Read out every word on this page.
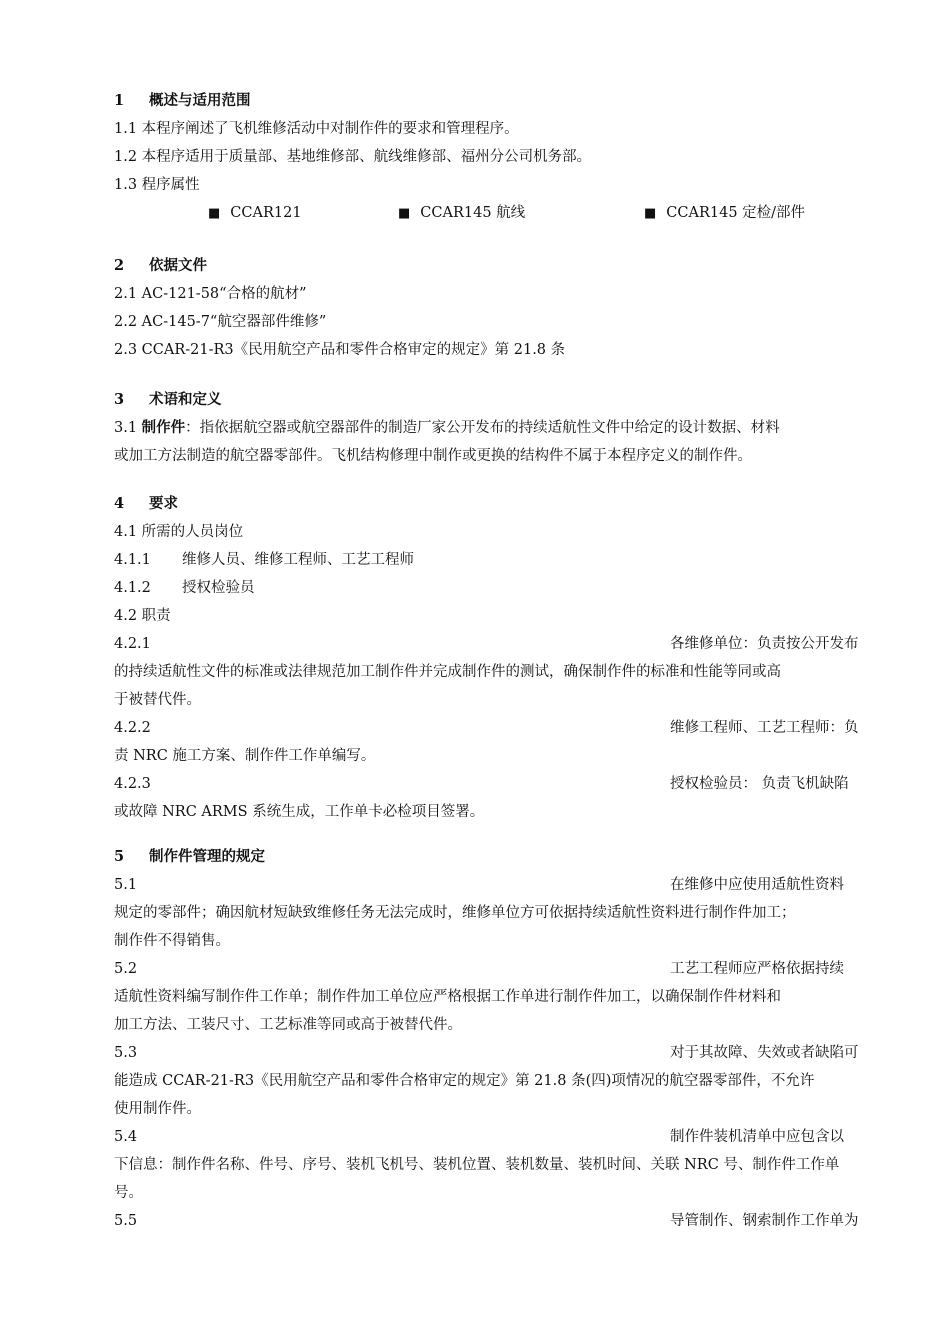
1 概述与适用范围
1.1 本程序阐述了飞机维修活动中对制作件的要求和管理程序。
1.2 本程序适用于质量部、基地维修部、航线维修部、福州分公司机务部。
1.3 程序属性
■ CCAR121	■ CCAR145 航线	■ CCAR145 定检/部件
2 依据文件
2.1 AC-121-58“合格的航材”
2.2 AC-145-7“航空器部件维修”
2.3 CCAR-21-R3《民用航空产品和零件合格审定的规定》第 21.8 条
3 术语和定义
3.1 制作件：指依据航空器或航空器部件的制造厂家公开发布的持续适航性文件中给定的设计数据、材料
或加工方法制造的航空器零部件。飞机结构修理中制作或更换的结构件不属于本程序定义的制作件。
4 要求
4.1 所需的人员岗位
4.1.1 维修人员、维修工程师、工艺工程师
4.1.2 授权检验员
4.2 职责
4.2.1	各维修单位：负责按公开发布
的持续适航性文件的标准或法律规范加工制作件并完成制作件的测试，确保制作件的标准和性能等同或高
于被替代件。
4.2.2	维修工程师、工艺工程师：负
责 NRC 施工方案、制作件工作单编写。
4.2.3	授权检验员： 负责飞机缺陷
或故障 NRC ARMS 系统生成，工作单卡必检项目签署。
5 制作件管理的规定
5.1	在维修中应使用适航性资料
规定的零部件；确因航材短缺致维修任务无法完成时，维修单位方可依据持续适航性资料进行制作件加工；
制作件不得销售。
5.2	工艺工程师应严格依据持续
适航性资料编写制作件工作单；制作件加工单位应严格根据工作单进行制作件加工，以确保制作件材料和
加工方法、工装尺寸、工艺标准等同或高于被替代件。
5.3	对于其故障、失效或者缺陷可
能造成 CCAR-21-R3《民用航空产品和零件合格审定的规定》第 21.8 条(四)项情况的航空器零部件，不允许
使用制作件。
5.4	制作件装机清单中应包含以
下信息：制作件名称、件号、序号、装机飞机号、装机位置、装机数量、装机时间、关联 NRC 号、制作件工作单
号。
5.5	导管制作、钢索制作工作单为
